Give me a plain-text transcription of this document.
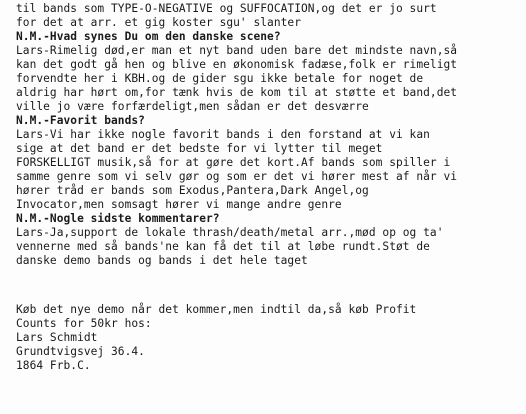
til bands som TYPE-O-NEGATIVE og SUFFOCATION,og det er jo surt
for det at arr. et gig koster sgu' slanter
N.M.-Hvad synes Du om den danske scene?
Lars-Rimelig død,er man et nyt band uden bare det mindste navn,så
kan det godt gå hen og blive en økonomisk fadæse,folk er rimeligt
forvendte her i KBH.og de gider sgu ikke betale for noget de
aldrig har hørt om,for tænk hvis de kom til at støtte et band,det
ville jo være forfærdeligt,men sådan er det desværre
N.M.-Favorit bands?
Lars-Vi har ikke nogle favorit bands i den forstand at vi kan
sige at det band er det bedste for vi lytter til meget
FORSKELLIGT musik,så for at gøre det kort.Af bands som spiller i
samme genre som vi selv gør og som er det vi hører mest af når vi
hører tråd er bands som Exodus,Pantera,Dark Angel,og
Invocator,men somsagt hører vi mange andre genre
N.M.-Nogle sidste kommentarer?
Lars-Ja,support de lokale thrash/death/metal arr.,mød op og ta'
vennerne med så bands'ne kan få det til at løbe rundt.Støt de
danske demo bands og bands i det hele taget
Køb det nye demo når det kommer,men indtil da,så køb Profit
Counts for 50kr hos:
Lars Schmidt
Grundtvigsvej 36.4.
1864 Frb.C.
